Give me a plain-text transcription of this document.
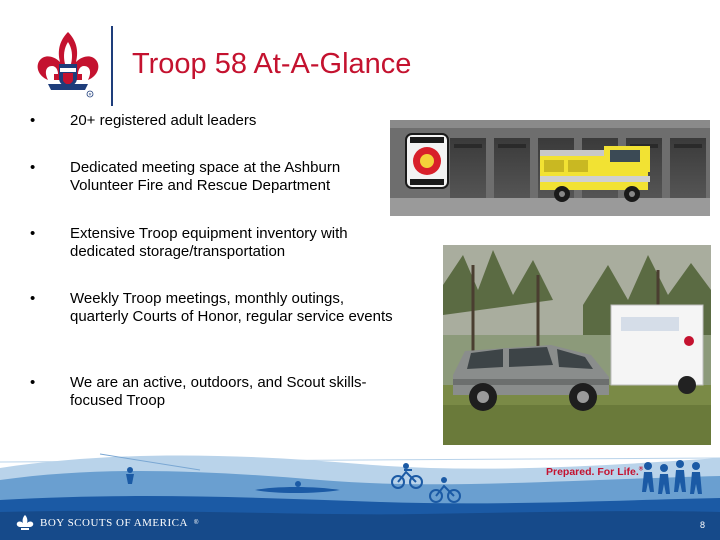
R
Troop 58 At-A-Glance
•	20+ registered adult leaders
•	Dedicated meeting space at the Ashburn Volunteer Fire and Rescue Department
•	Extensive Troop equipment inventory with dedicated storage/transportation
•	Weekly Troop meetings, monthly outings, quarterly Courts of Honor, regular service events
•	We are an active, outdoors, and Scout skills-focused Troop
Prepared. For Life.®
BOY SCOUTS OF AMERICA ®	8
